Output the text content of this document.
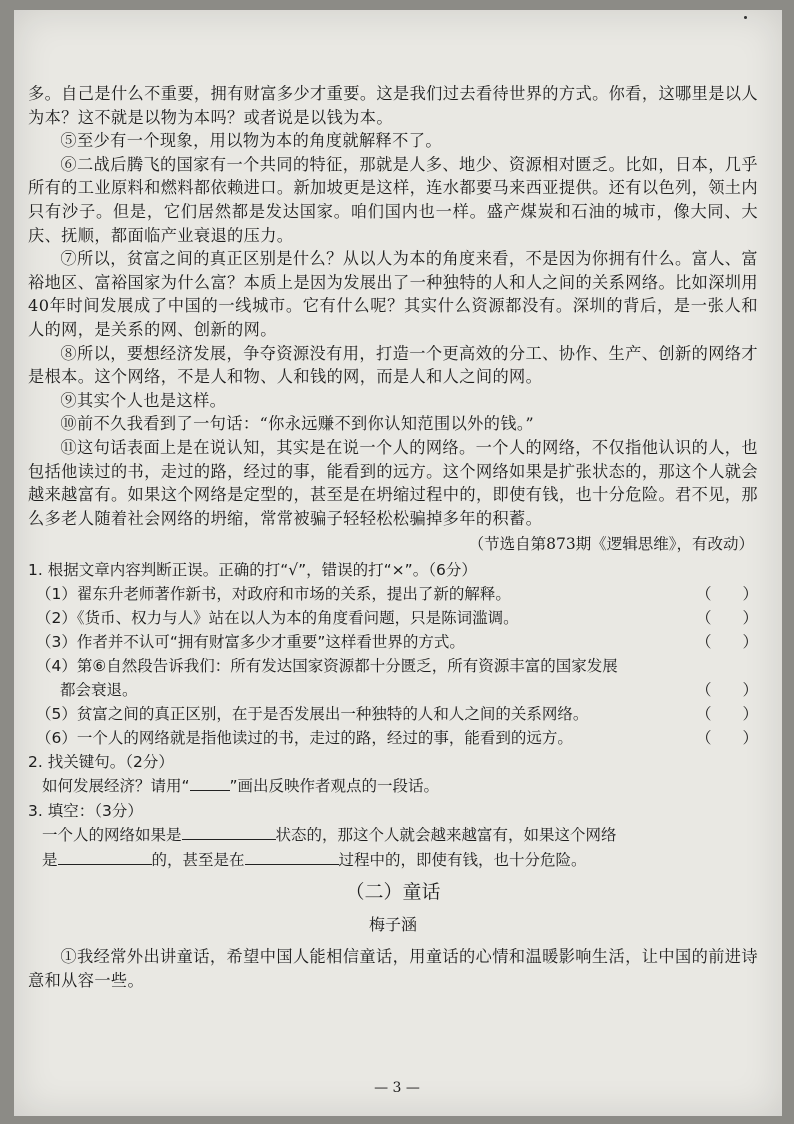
多。自己是什么不重要，拥有财富多少才重要。这是我们过去看待世界的方式。你看，这哪里是以人为本？这不就是以物为本吗？或者说是以钱为本。

⑤至少有一个现象，用以物为本的角度就解释不了。

⑥二战后腾飞的国家有一个共同的特征，那就是人多、地少、资源相对匮乏。比如，日本，几乎所有的工业原料和燃料都依赖进口。新加坡更是这样，连水都要马来西亚提供。还有以色列，领土内只有沙子。但是，它们居然都是发达国家。咱们国内也一样。盛产煤炭和石油的城市，像大同、大庆、抚顺，都面临产业衰退的压力。

⑦所以，贫富之间的真正区别是什么？从以人为本的角度来看，不是因为你拥有什么。富人、富裕地区、富裕国家为什么富？本质上是因为发展出了一种独特的人和人之间的关系网络。比如深圳用40年时间发展成了中国的一线城市。它有什么呢？其实什么资源都没有。深圳的背后，是一张人和人的网，是关系的网、创新的网。

⑧所以，要想经济发展，争夺资源没有用，打造一个更高效的分工、协作、生产、创新的网络才是根本。这个网络，不是人和物、人和钱的网，而是人和人之间的网。

⑨其实个人也是这样。

⑩前不久我看到了一句话：“你永远赚不到你认知范围以外的钱。”

⑪这句话表面上是在说认知，其实是在说一个人的网络。一个人的网络，不仅指他认识的人，也包括他读过的书，走过的路，经过的事，能看到的远方。这个网络如果是扩张状态的，那这个人就会越来越富有。如果这个网络是定型的，甚至是在坍缩过程中的，即使有钱，也十分危险。君不见，那么多老人随着社会网络的坍缩，常常被骗子轻轻松松骗掉多年的积蓄。

（节选自第873期《逻辑思维》，有改动）

1. 根据文章内容判断正误。正确的打“√”，错误的打“×”。（6分）

（1）翟东升老师著作新书，对政府和市场的关系，提出了新的解释。	（　　）

（2）《货币、权力与人》站在以人为本的角度看问题，只是陈词滥调。	（　　）

（3）作者并不认可“拥有财富多少才重要”这样看世界的方式。	（　　）

（4）第⑥自然段告诉我们：所有发达国家资源都十分匮乏，所有资源丰富的国家发展
都会衰退。	（　　）

（5）贫富之间的真正区别，在于是否发展出一种独特的人和人之间的关系网络。	（　　）

（6）一个人的网络就是指他读过的书，走过的路，经过的事，能看到的远方。	（　　）

2. 找关键句。（2分）

如何发展经济？请用“	”画出反映作者观点的一段话。

3. 填空：（3分）

一个人的网络如果是	状态的，那这个人就会越来越富有，如果这个网络

是	的，甚至是在	过程中的，即使有钱，也十分危险。

（二）童话

梅子涵

①我经常外出讲童话，希望中国人能相信童话，用童话的心情和温暖影响生活，让中国的前进诗意和从容一些。

— 3 —
